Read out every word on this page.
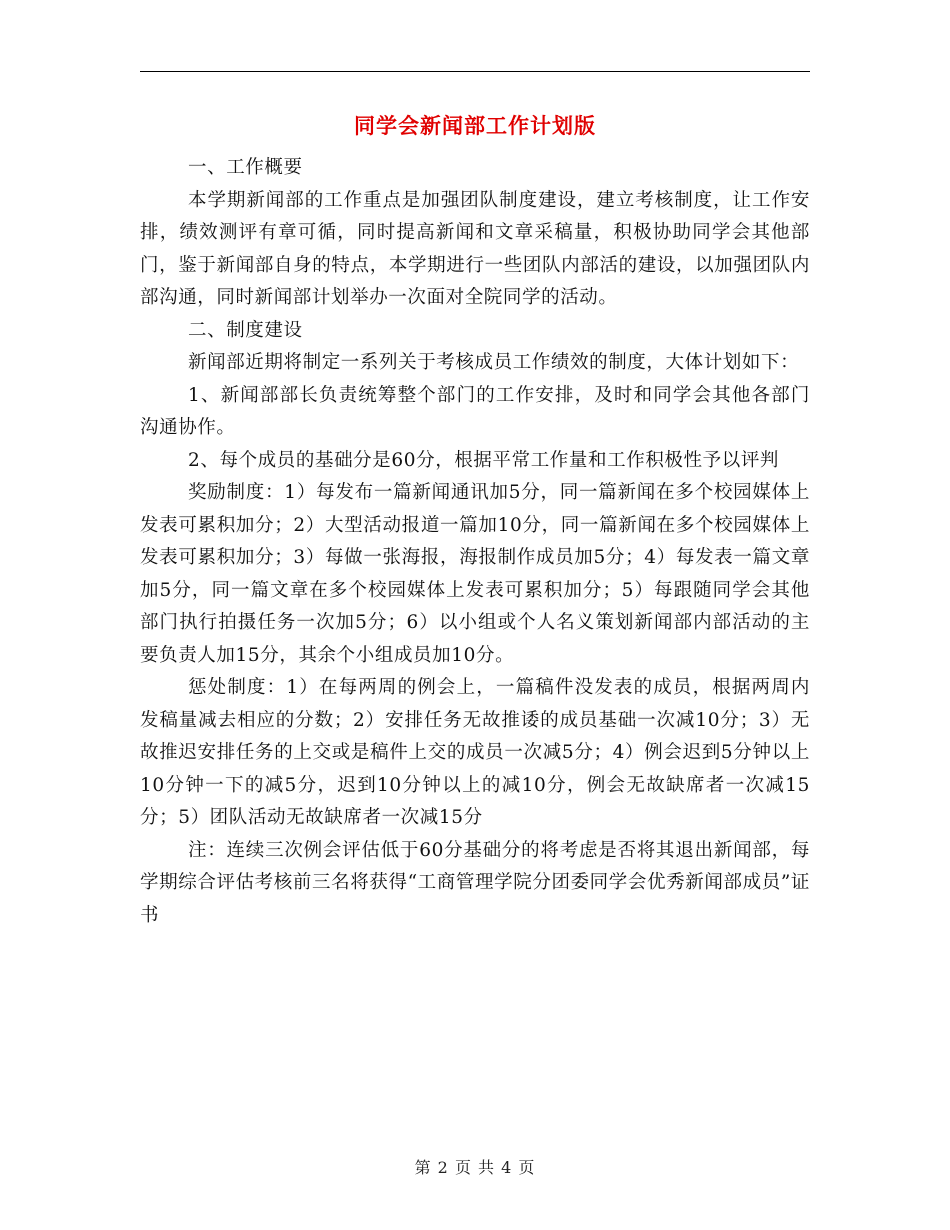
同学会新闻部工作计划版

一、工作概要

本学期新闻部的工作重点是加强团队制度建设，建立考核制度，让工作安排，绩效测评有章可循，同时提高新闻和文章采稿量，积极协助同学会其他部门，鉴于新闻部自身的特点，本学期进行一些团队内部活的建设，以加强团队内部沟通，同时新闻部计划举办一次面对全院同学的活动。

二、制度建设

新闻部近期将制定一系列关于考核成员工作绩效的制度，大体计划如下：

1、新闻部部长负责统筹整个部门的工作安排，及时和同学会其他各部门沟通协作。

2、每个成员的基础分是60分，根据平常工作量和工作积极性予以评判

奖励制度：1）每发布一篇新闻通讯加5分，同一篇新闻在多个校园媒体上发表可累积加分；2）大型活动报道一篇加10分，同一篇新闻在多个校园媒体上发表可累积加分；3）每做一张海报，海报制作成员加5分；4）每发表一篇文章加5分，同一篇文章在多个校园媒体上发表可累积加分；5）每跟随同学会其他部门执行拍摄任务一次加5分；6）以小组或个人名义策划新闻部内部活动的主要负责人加15分，其余个小组成员加10分。

惩处制度：1）在每两周的例会上，一篇稿件没发表的成员，根据两周内发稿量减去相应的分数；2）安排任务无故推诿的成员基础一次减10分；3）无故推迟安排任务的上交或是稿件上交的成员一次减5分；4）例会迟到5分钟以上10分钟一下的减5分，迟到10分钟以上的减10分，例会无故缺席者一次减15分；5）团队活动无故缺席者一次减15分

注：连续三次例会评估低于60分基础分的将考虑是否将其退出新闻部，每学期综合评估考核前三名将获得“工商管理学院分团委同学会优秀新闻部成员”证书

第 2 页 共 4 页
